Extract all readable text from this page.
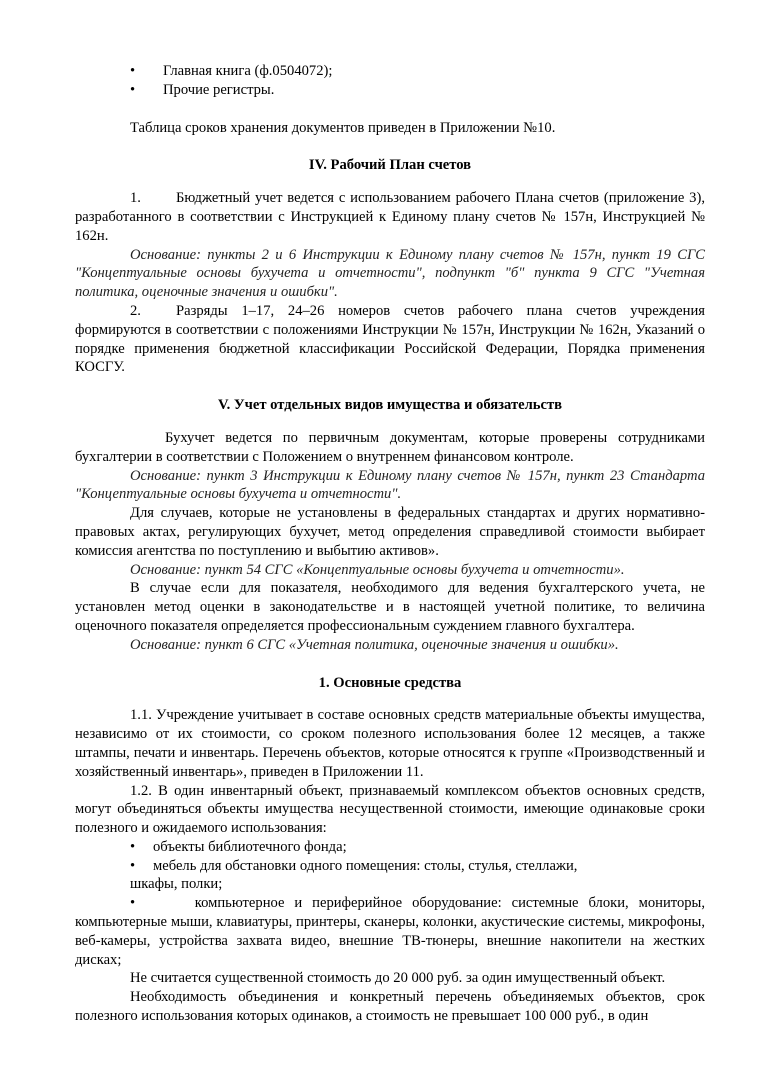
• Главная книга (ф.0504072);
• Прочие регистры.
Таблица сроков хранения документов приведен в Приложении №10.
IV. Рабочий План счетов
1. Бюджетный учет ведется с использованием рабочего Плана счетов (приложение 3), разработанного в соответствии с Инструкцией к Единому плану счетов № 157н, Инструкцией № 162н.
Основание: пункты 2 и 6 Инструкции к Единому плану счетов № 157н, пункт 19 СГС "Концептуальные основы бухучета и отчетности", подпункт "б" пункта 9 СГС "Учетная политика, оценочные значения и ошибки".
2. Разряды 1–17, 24–26 номеров счетов рабочего плана счетов учреждения формируются в соответствии с положениями Инструкции № 157н, Инструкции № 162н, Указаний о порядке применения бюджетной классификации Российской Федерации, Порядка применения КОСГУ.
V. Учет отдельных видов имущества и обязательств
Бухучет ведется по первичным документам, которые проверены сотрудниками бухгалтерии в соответствии с Положением о внутреннем финансовом контроле.
Основание: пункт 3 Инструкции к Единому плану счетов № 157н, пункт 23 Стандарта "Концептуальные основы бухучета и отчетности".
Для случаев, которые не установлены в федеральных стандартах и других нормативно-правовых актах, регулирующих бухучет, метод определения справедливой стоимости выбирает комиссия агентства по поступлению и выбытию активов».
Основание: пункт 54 СГС «Концептуальные основы бухучета и отчетности».
В случае если для показателя, необходимого для ведения бухгалтерского учета, не установлен метод оценки в законодательстве и в настоящей учетной политике, то величина оценочного показателя определяется профессиональным суждением главного бухгалтера.
Основание: пункт 6 СГС «Учетная политика, оценочные значения и ошибки».
1. Основные средства
1.1. Учреждение учитывает в составе основных средств материальные объекты имущества, независимо от их стоимости, со сроком полезного использования более 12 месяцев, а также штампы, печати и инвентарь. Перечень объектов, которые относятся к группе «Производственный и хозяйственный инвентарь», приведен в Приложении 11.
1.2. В один инвентарный объект, признаваемый комплексом объектов основных средств, могут объединяться объекты имущества несущественной стоимости, имеющие одинаковые сроки полезного и ожидаемого использования:
• объекты библиотечного фонда;
• мебель для обстановки одного помещения: столы, стулья, стеллажи,
шкафы, полки;
•      компьютерное и периферийное оборудование: системные блоки, мониторы, компьютерные мыши, клавиатуры, принтеры, сканеры, колонки, акустические системы, микрофоны, веб-камеры, устройства захвата видео, внешние ТВ-тюнеры, внешние накопители на жестких дисках;
Не считается существенной стоимость до 20 000 руб. за один имущественный объект.
Необходимость объединения и конкретный перечень объединяемых объектов, срок полезного использования которых одинаков, а стоимость не превышает 100 000 руб., в один
